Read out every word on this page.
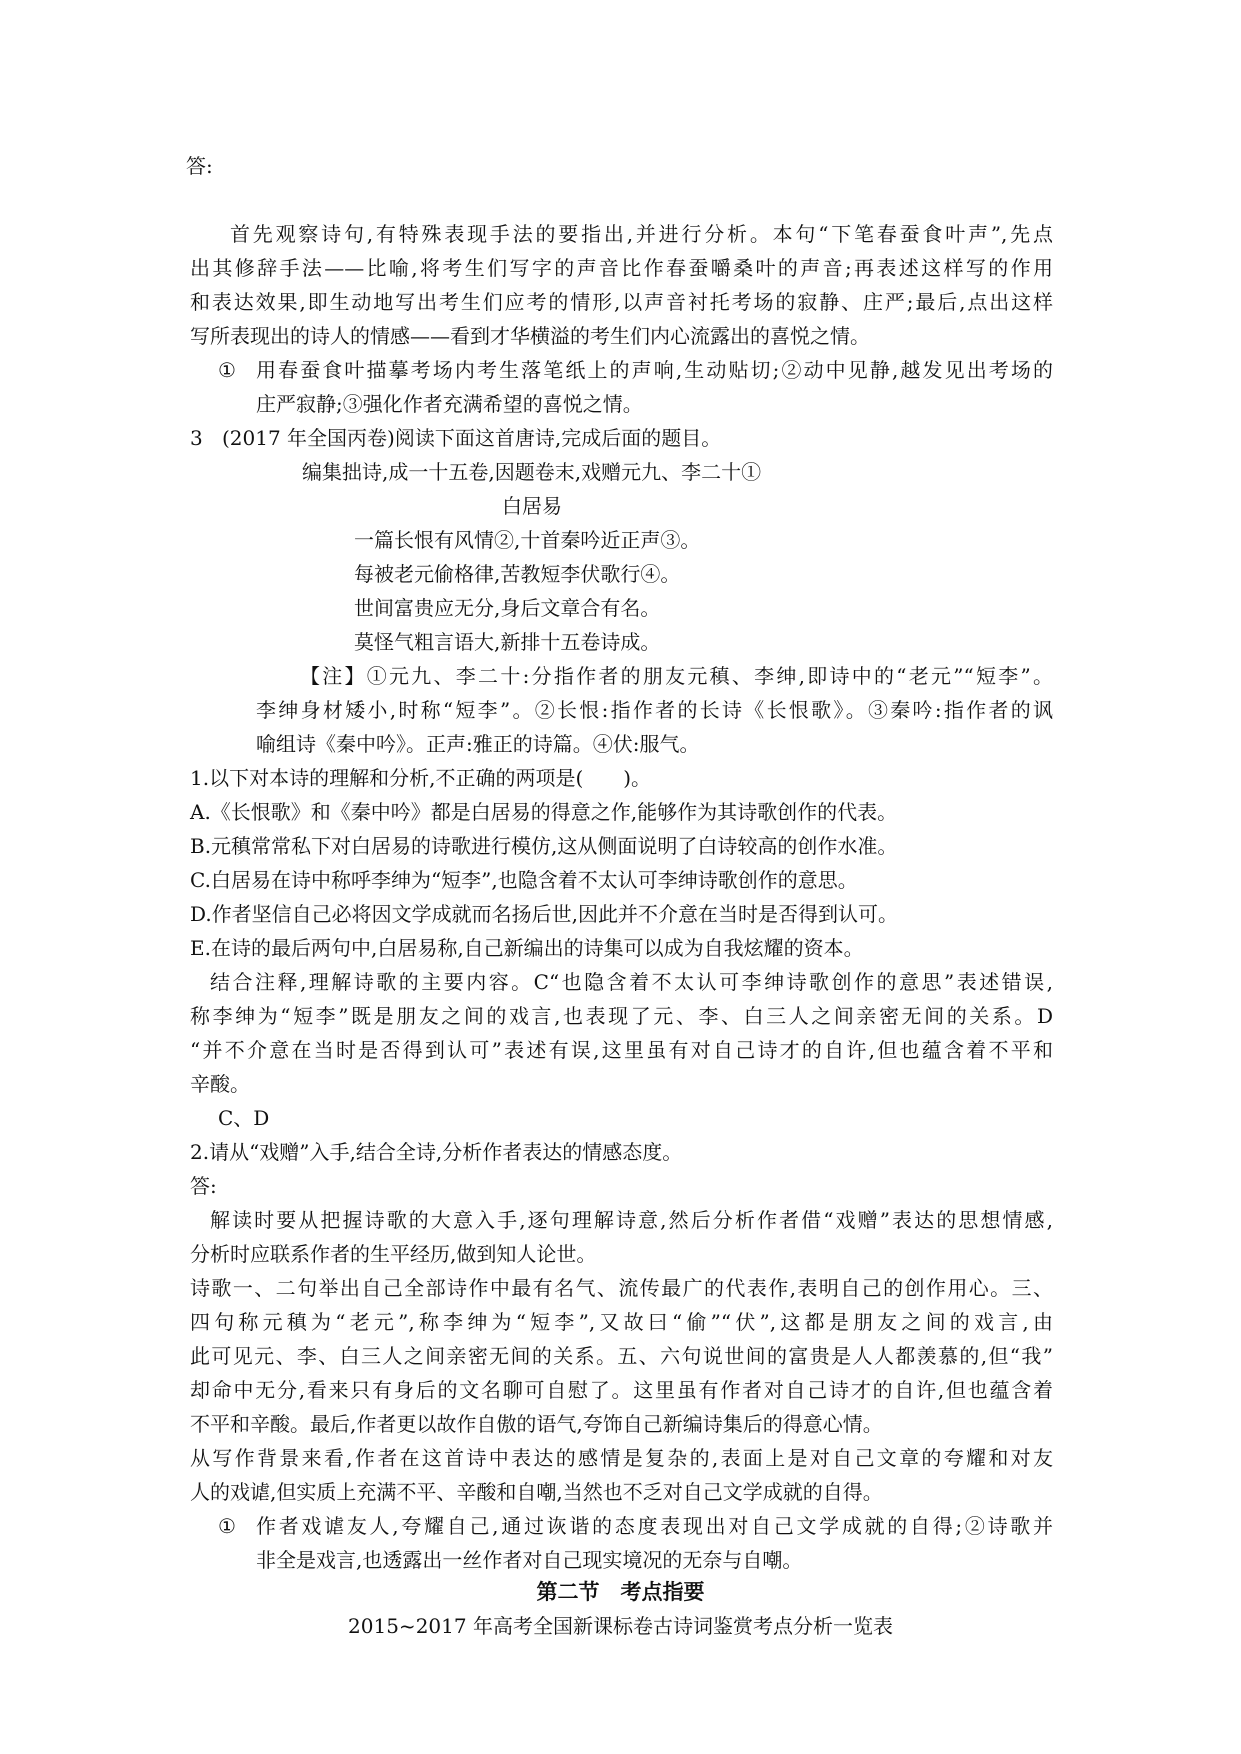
答:
首先观察诗句,有特殊表现手法的要指出,并进行分析。本句“下笔春蚕食叶声”,先点
出其修辞手法——比喻,将考生们写字的声音比作春蚕嚼桑叶的声音;再表述这样写的作用
和表达效果,即生动地写出考生们应考的情形,以声音衬托考场的寂静、庄严;最后,点出这样
写所表现出的诗人的情感——看到才华横溢的考生们内心流露出的喜悦之情。
① 用春蚕食叶描摹考场内考生落笔纸上的声响,生动贴切;②动中见静,越发见出考场的
庄严寂静;③强化作者充满希望的喜悦之情。
3 (2017 年全国丙卷)阅读下面这首唐诗,完成后面的题目。
编集拙诗,成一十五卷,因题卷末,戏赠元九、李二十①
白居易
一篇长恨有风情②,十首秦吟近正声③。
每被老元偷格律,苦教短李伏歌行④。
世间富贵应无分,身后文章合有名。
莫怪气粗言语大,新排十五卷诗成。
【注】①元九、李二十:分指作者的朋友元稹、李绅,即诗中的“老元”“短李”。
李绅身材矮小,时称“短李”。②长恨:指作者的长诗《长恨歌》。③秦吟:指作者的讽
喻组诗《秦中吟》。正声:雅正的诗篇。④伏:服气。
1.以下对本诗的理解和分析,不正确的两项是(　　)。
A.《长恨歌》和《秦中吟》都是白居易的得意之作,能够作为其诗歌创作的代表。
B.元稹常常私下对白居易的诗歌进行模仿,这从侧面说明了白诗较高的创作水准。
C.白居易在诗中称呼李绅为“短李”,也隐含着不太认可李绅诗歌创作的意思。
D.作者坚信自己必将因文学成就而名扬后世,因此并不介意在当时是否得到认可。
E.在诗的最后两句中,白居易称,自己新编出的诗集可以成为自我炫耀的资本。
结合注释,理解诗歌的主要内容。C“也隐含着不太认可李绅诗歌创作的意思”表述错误,
称李绅为“短李”既是朋友之间的戏言,也表现了元、李、白三人之间亲密无间的关系。D
“并不介意在当时是否得到认可”表述有误,这里虽有对自己诗才的自许,但也蕴含着不平和
辛酸。
C、D
2.请从“戏赠”入手,结合全诗,分析作者表达的情感态度。
答:
解读时要从把握诗歌的大意入手,逐句理解诗意,然后分析作者借“戏赠”表达的思想情感,
分析时应联系作者的生平经历,做到知人论世。
诗歌一、二句举出自己全部诗作中最有名气、流传最广的代表作,表明自己的创作用心。三、
四句称元稹为“老元”,称李绅为“短李”,又故曰“偷”“伏”,这都是朋友之间的戏言,由
此可见元、李、白三人之间亲密无间的关系。五、六句说世间的富贵是人人都羡慕的,但“我”
却命中无分,看来只有身后的文名聊可自慰了。这里虽有作者对自己诗才的自许,但也蕴含着
不平和辛酸。最后,作者更以故作自傲的语气,夸饰自己新编诗集后的得意心情。
从写作背景来看,作者在这首诗中表达的感情是复杂的,表面上是对自己文章的夸耀和对友
人的戏谑,但实质上充满不平、辛酸和自嘲,当然也不乏对自己文学成就的自得。
① 作者戏谑友人,夸耀自己,通过诙谐的态度表现出对自己文学成就的自得;②诗歌并
非全是戏言,也透露出一丝作者对自己现实境况的无奈与自嘲。
第二节　考点指要
2015~2017 年高考全国新课标卷古诗词鉴赏考点分析一览表
